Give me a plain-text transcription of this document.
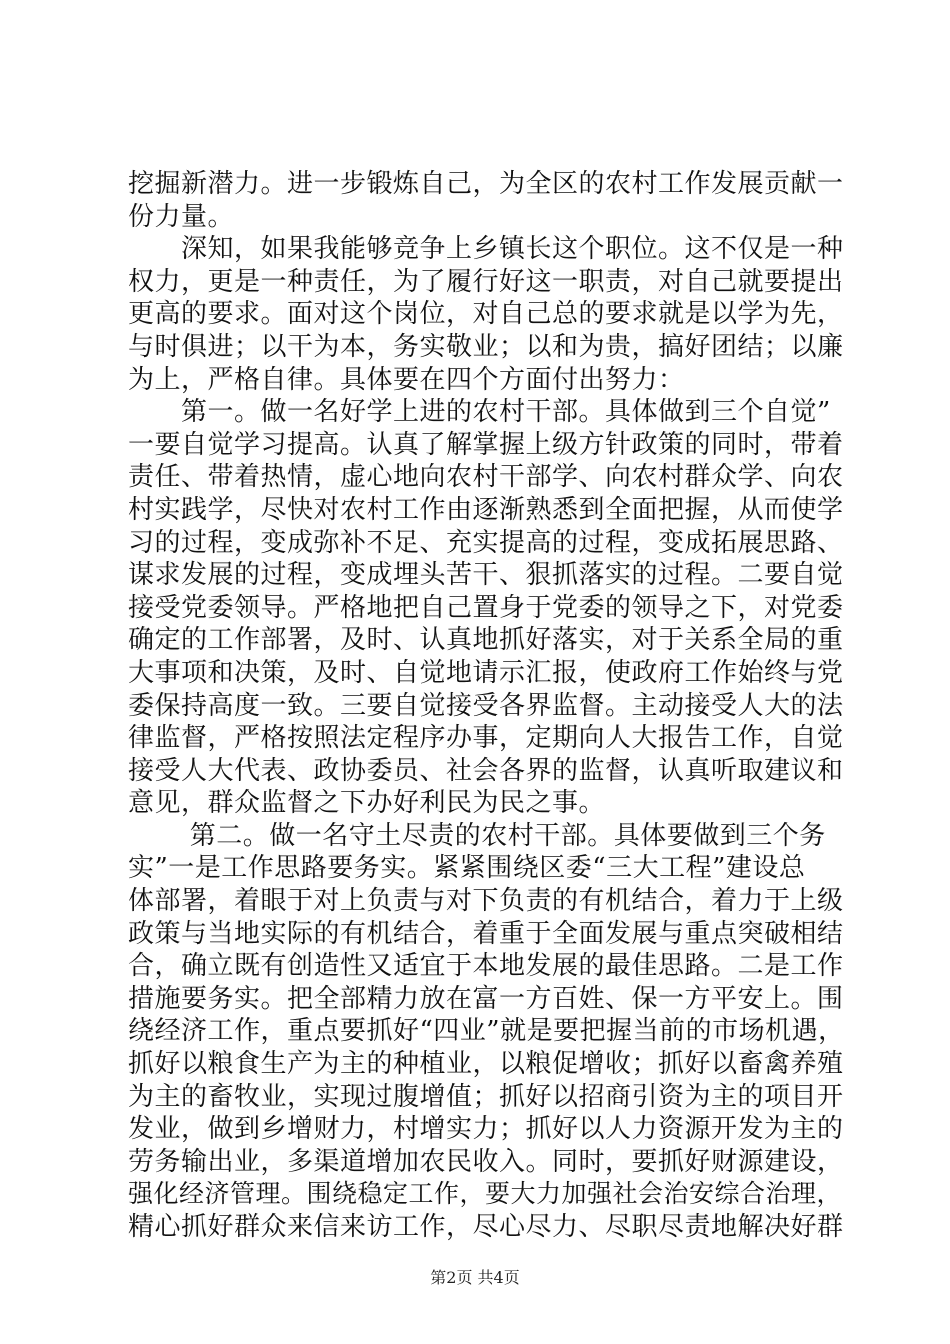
挖掘新潜力。进一步锻炼自己，为全区的农村工作发展贡献一
份力量。
　　深知，如果我能够竞争上乡镇长这个职位。这不仅是一种
权力，更是一种责任，为了履行好这一职责，对自己就要提出
更高的要求。面对这个岗位，对自己总的要求就是以学为先，
与时俱进；以干为本，务实敬业；以和为贵，搞好团结；以廉
为上，严格自律。具体要在四个方面付出努力：
　　第一。做一名好学上进的农村干部。具体做到三个自觉”
一要自觉学习提高。认真了解掌握上级方针政策的同时，带着
责任、带着热情，虚心地向农村干部学、向农村群众学、向农
村实践学，尽快对农村工作由逐渐熟悉到全面把握，从而使学
习的过程，变成弥补不足、充实提高的过程，变成拓展思路、
谋求发展的过程，变成埋头苦干、狠抓落实的过程。二要自觉
接受党委领导。严格地把自己置身于党委的领导之下，对党委
确定的工作部署，及时、认真地抓好落实，对于关系全局的重
大事项和决策，及时、自觉地请示汇报，使政府工作始终与党
委保持高度一致。三要自觉接受各界监督。主动接受人大的法
律监督，严格按照法定程序办事，定期向人大报告工作，自觉
接受人大代表、政协委员、社会各界的监督，认真听取建议和
意见，群众监督之下办好利民为民之事。
　　 第二。做一名守土尽责的农村干部。具体要做到三个务
实”一是工作思路要务实。紧紧围绕区委“三大工程”建设总
体部署，着眼于对上负责与对下负责的有机结合，着力于上级
政策与当地实际的有机结合，着重于全面发展与重点突破相结
合，确立既有创造性又适宜于本地发展的最佳思路。二是工作
措施要务实。把全部精力放在富一方百姓、保一方平安上。围
绕经济工作，重点要抓好“四业”就是要把握当前的市场机遇，
抓好以粮食生产为主的种植业，以粮促增收；抓好以畜禽养殖
为主的畜牧业，实现过腹增值；抓好以招商引资为主的项目开
发业，做到乡增财力，村增实力；抓好以人力资源开发为主的
劳务输出业，多渠道增加农民收入。同时，要抓好财源建设，
强化经济管理。围绕稳定工作，要大力加强社会治安综合治理，
精心抓好群众来信来访工作，尽心尽力、尽职尽责地解决好群
第2页 共4页
